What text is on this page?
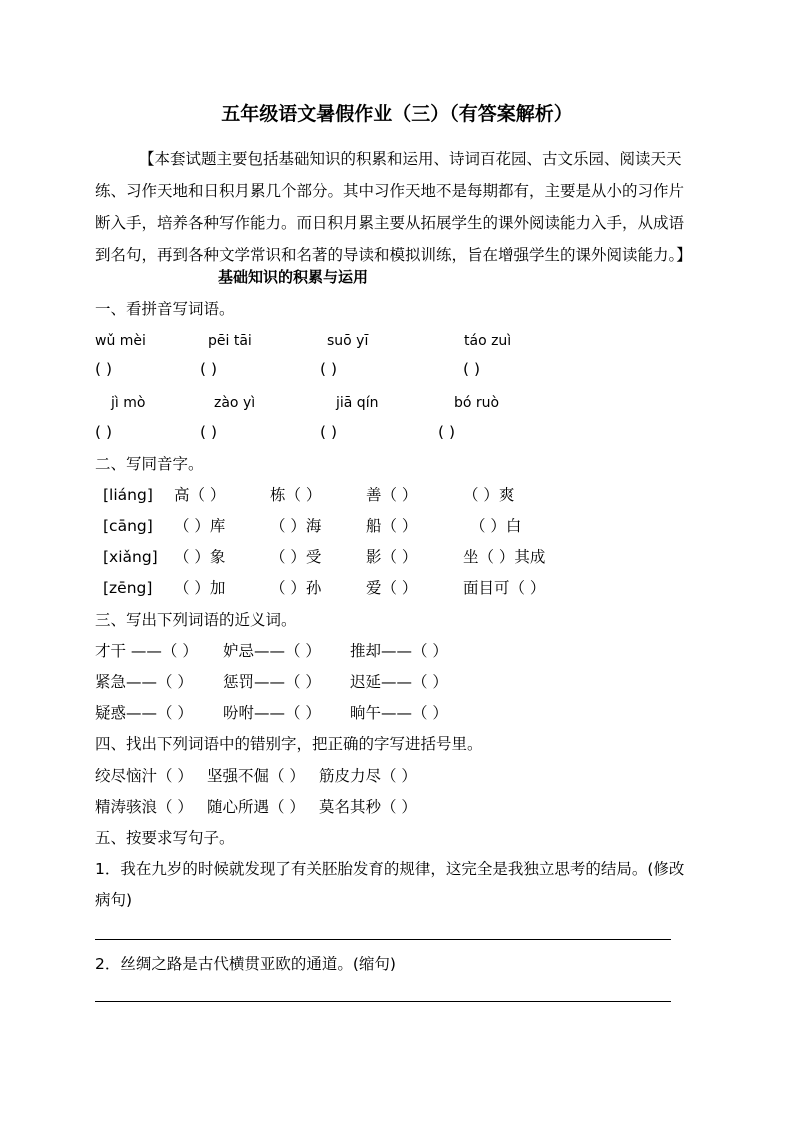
五年级语文暑假作业（三）（有答案解析）
【本套试题主要包括基础知识的积累和运用、诗词百花园、古文乐园、阅读天天
练、习作天地和日积月累几个部分。其中习作天地不是每期都有，主要是从小的习作片
断入手，培养各种写作能力。而日积月累主要从拓展学生的课外阅读能力入手，从成语
到名句，再到各种文学常识和名著的导读和模拟训练，旨在增强学生的课外阅读能力。】
基础知识的积累与运用
一、看拼音写词语。
wǔ mèi	pēi tāi	suō yī	táo zuì
( )	( )	( )	( )
jì mò	zào yì	jiā qín	bó ruò
( )	( )	( )	( )
二、写同音字。
[liáng] 高（ ）	栋（ ）	善（ ）	（ ）爽
[cāng] （ ）库	（ ）海	船（ ）	（ ）白
[xiǎng] （ ）象	（ ）受	影（ ）	坐（ ）其成
[zēng] （ ）加	（ ）孙	爱（ ）	面目可（ ）
三、写出下列词语的近义词。
才干 ——（ ） 妒忌——（ ） 推却——（ ）
紧急——（ ） 惩罚——（ ） 迟延——（ ）
疑惑——（ ） 吩咐——（ ） 晌午——（ ）
四、找出下列词语中的错别字，把正确的字写进括号里。
绞尽恼汁（ ） 坚强不倔（ ） 筋皮力尽（ ）
精涛骇浪（ ） 随心所遇（ ） 莫名其秒（ ）
五、按要求写句子。
1．我在九岁的时候就发现了有关胚胎发育的规律，这完全是我独立思考的结局。(修改
病句)
2．丝绸之路是古代横贯亚欧的通道。(缩句)
